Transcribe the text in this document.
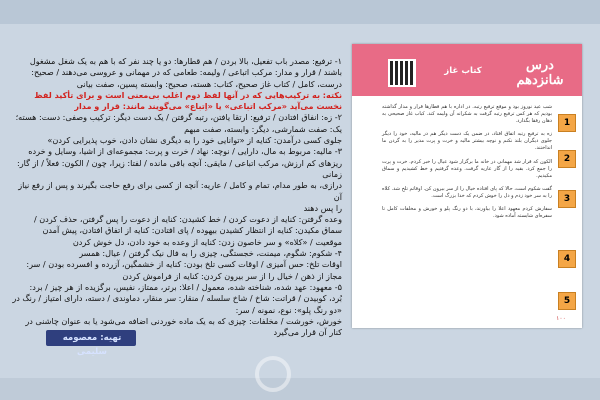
۱- ترفیع: مصدر باب تفعیل، بالا بردن / هم قطارها: دو یا چند نفر که با هم به یک شغل مشغول

باشند / قرار و مدار: مرکب اتباعی / ولیمه: طعامی که در مهمانی و عروسی می‌دهند / صحیح:

درست، کامل / کتاب غاز صحیح، کتاب: هسته، صحیح: وابسته پسین، صفت بیانی

نکته: به ترکیب‌هایی که در آنها لفظ دوم اغلب بی‌معنی است و برای تأکید لفظ نخست می‌آید «مرکب اتباعی» یا «اِتباع» می‌گویند مانند: قرار و مدار

۲- زه: انفاق افتادن / ترفیع: ارتقا یافتن، رتبه گرفتن / یک دست دیگر: ترکیب وصفی: دست: هسته؛

یک: صفت شمارشی، دیگر: وابسته، صفت مبهم

جلوی کسی درآمدن: کنایه از «توانایی خود را به دیگری نشان دادن، خوب پذیرایی کردن»

۳- مالیه: مربوط به مال، دارایی / نوچه: نهاد / خرت و پرت: مجموعه‌ای از اشیا، وسایل و خرده

ریزهای کم ارزش، مرکب اتباعی / مایقی: آنچه باقی مانده / لفتا: زیرا، چون / الکون: فعلاً / از گار: زمانی

درازی، به طور مدام، تمام و کامل / عاریه: آنچه از کسی برای رفع حاجت بگیرند و پس از رفع نیاز آن

را پس دهند

وعده گرفتن: کنایه از دعوت کردن / خط کشیدن: کنایه از دعوت را پس گرفتن، حذف کردن /

سماق مکیدن: کنایه از انتظار کشیدن بیهوده / پای افتادن: کنایه از اتفاق افتادن، پیش آمدن

موقعیت / «کلاه» و سر خاصون زدن: کنایه از وعده به خود دادن، دل خوش کردن

۴- شکوم: شگوم، میمنت، خجستگی، چیزی را به فال نیک گرفتن / عیال: همسر

اوقات تلخ: حس آمیزی / اوقات کسی تلخ بودن: کنایه از خشمگین، آزرده و افسرده بودن / سر:

مجاز از ذهن / خیال را از سر بیرون کردن: کنایه از فراموش کردن

۵- معهود: عهد شده، شناخته شده، معمول / اعلا: برتر، ممتاز، نفیس، برگزیده از هر چیز / برد:

بُرد، کوبیدن / قراتت: شاخ / شاخ سلسله / منقار: سر منقار، دماوندی / دسته، دارای امتیاز / رنگ در «دو رنگ پلو»: نوع، نمونه / سر:

خورش، خورشت / مخلفات: چیزی که به یک ماده خوردنی اضافه می‌شود یا به عنوان چاشنی در

کنار آن قرار می‌گیرد

تهیه: معصومه سلیمی
درس شانزدهم
کتاب غاز

شب عید نوروز بود و موقع ترفیع رتبه. در اداره با هم قطارها قرار و مدار گذاشته بودیم که هر کس ترفیع رتبه گرفت به شکرانه آن ولیمه کند. کباب غاز صحیحی به دهان رفقا بگذارد.

زه به ترفیع رتبه اتفاق افتاد، در ضمن یک دست دیگر هم در مالیه، خود را دیگر جلوی دیگران بلند نکنم و نوچه بیشتر مالیه و خرت و پرت مدیر را به گردن ما انداختند.

الکون که قرار شد مهمانی در خانه ما برگزار شود عیال را خبر کردم. خرت و پرت را جمع کرد. بقیه را از گار عاریه گرفت. وعده گرفتیم و خط کشیدیم و سماق مکیدیم.

گفت شکوم است، حالا که پای افتاده خیال را از سر بیرون کن. اوقاتم تلخ شد. کلاه را به سر خود زدم و دل را خوش کردم که خدا بزرگ است.

سفارش کردم معهود اعلا را بیاورند، با دو رنگ پلو و خورش و مخلفات کامل تا سفره‌ای شایسته آماده شود.

1
2
3
4
5
۱۰۰
